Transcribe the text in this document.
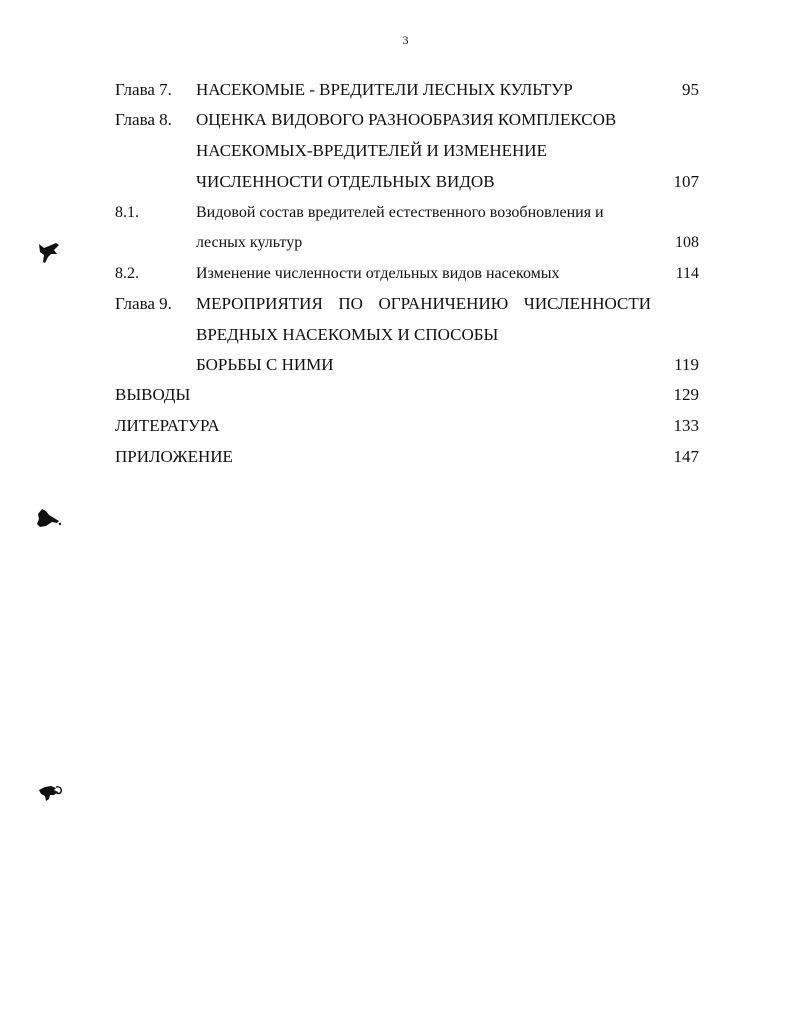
3
Глава 7. НАСЕКОМЫЕ - ВРЕДИТЕЛИ ЛЕСНЫХ КУЛЬТУР	95
Глава 8. ОЦЕНКА ВИДОВОГО РАЗНООБРАЗИЯ КОМПЛЕКСОВ
НАСЕКОМЫХ-ВРЕДИТЕЛЕЙ И ИЗМЕНЕНИЕ
ЧИСЛЕННОСТИ ОТДЕЛЬНЫХ ВИДОВ	107
8.1.	Видовой состав вредителей естественного возобновления и
лесных культур	108
8.2.	Изменение численности отдельных видов насекомых	114
Глава 9. МЕРОПРИЯТИЯ ПО ОГРАНИЧЕНИЮ ЧИСЛЕННОСТИ
ВРЕДНЫХ НАСЕКОМЫХ И СПОСОБЫ
БОРЬБЫ С НИМИ	119
ВЫВОДЫ	129
ЛИТЕРАТУРА	133
ПРИЛОЖЕНИЕ	147
